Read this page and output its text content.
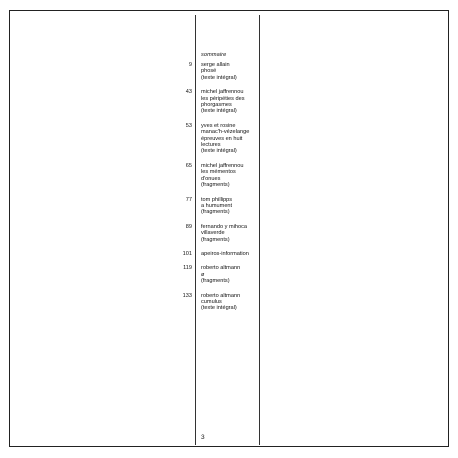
sommaire
9 serge allain
phosé
(texte intégral)
43 michel jaffrennou
les péripéties des
phorgasmes
(texte intégral)
53 yves et rosine
manac'h-vézelange
épreuves en huit
lectures
(texte intégral)
65 michel jaffrennou
les mémentos
d'onues
(fragments)
77 tom phillipps
a humument
(fragments)
89 fernando y mihoca
villaverde
(fragments)
101 apeiros-information
119 roberto altmann
ø
(fragments)
133 roberto altmann
cumulus
(texte intégral)
3
